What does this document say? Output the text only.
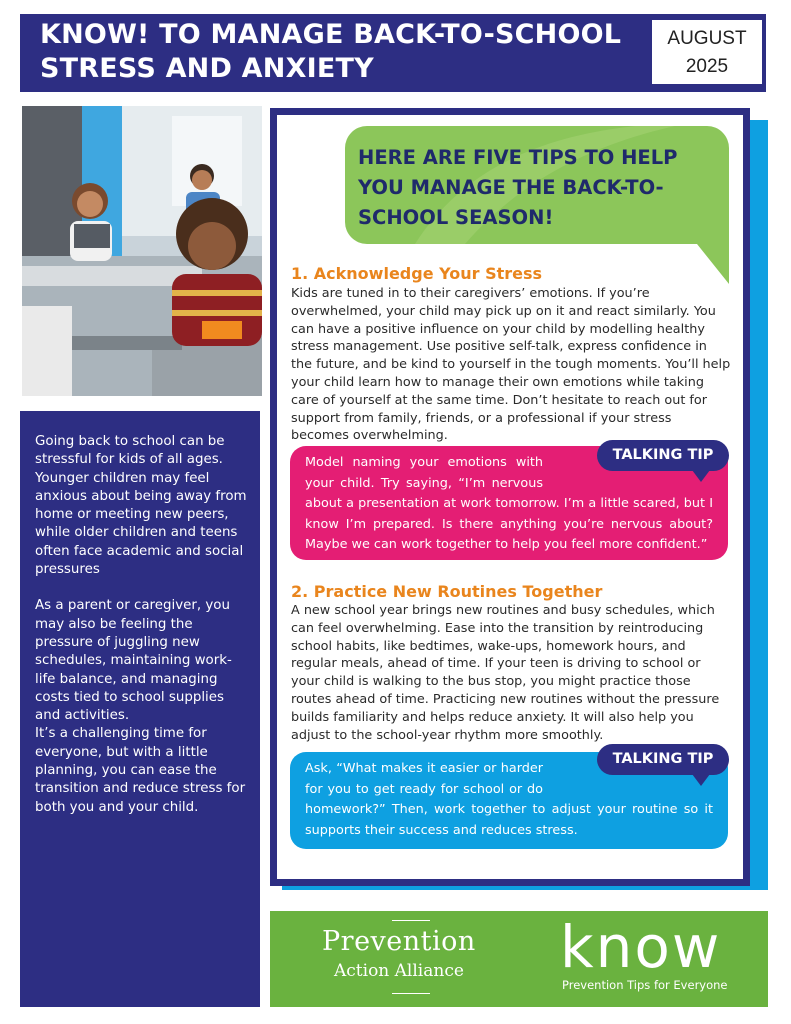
KNOW! TO MANAGE BACK-TO-SCHOOL STRESS AND ANXIETY
AUGUST
2025

Going back to school can be stressful for kids of all ages. Younger children may feel anxious about being away from home or meeting new peers, while older children and teens often face academic and social pressures

As a parent or caregiver, you may also be feeling the pressure of juggling new schedules, maintaining work-life balance, and managing costs tied to school supplies and activities.

It’s a challenging time for everyone, but with a little planning, you can ease the transition and reduce stress for both you and your child.

HERE ARE FIVE TIPS TO HELP YOU MANAGE THE BACK-TO-SCHOOL SEASON!
1. Acknowledge Your Stress
Kids are tuned in to their caregivers’ emotions. If you’re overwhelmed, your child may pick up on it and react similarly. You can have a positive influence on your child by modelling healthy stress management. Use positive self-talk, express confidence in the future, and be kind to yourself in the tough moments. You’ll help your child learn how to manage their own emotions while taking care of yourself at the same time. Don’t hesitate to reach out for support from family, friends, or a professional if your stress becomes overwhelming.
Model naming your emotions with your child. Try saying, “I’m nervous about a presentation at work tomorrow. I’m a little scared, but I know I’m prepared. Is there anything you’re nervous about? Maybe we can work together to help you feel more confident.”
TALKING TIP
2. Practice New Routines Together
A new school year brings new routines and busy schedules, which can feel overwhelming. Ease into the transition by reintroducing school habits, like bedtimes, wake-ups, homework hours, and regular meals, ahead of time. If your teen is driving to school or your child is walking to the bus stop, you might practice those routes ahead of time. Practicing new routines without the pressure builds familiarity and helps reduce anxiety. It will also help you adjust to the school-year rhythm more smoothly.
Ask, “What makes it easier or harder for you to get ready for school or do homework?” Then, work together to adjust your routine so it supports their success and reduces stress.
TALKING TIP
Prevention
Action Alliance	know
Prevention Tips for Everyone
